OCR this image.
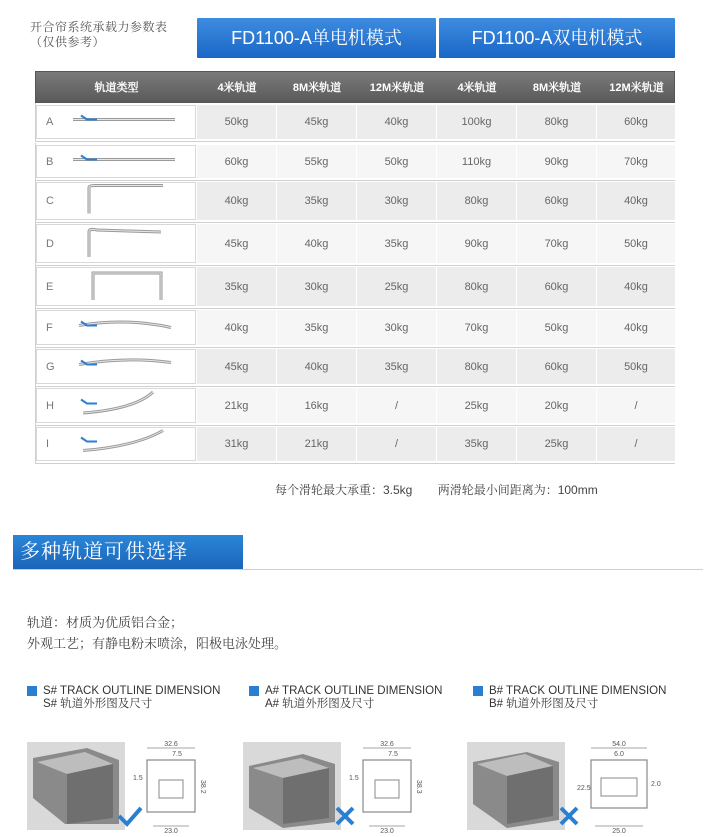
开合帘系统承载力参数表
（仅供参考）	FD1100-A单电机模式	FD1100-A双电机模式
轨道类型	4米轨道	8M米轨道	12M米轨道	4米轨道	8M米轨道	12M米轨道
A	50kg	45kg	40kg	100kg	80kg	60kg
B	60kg	55kg	50kg	110kg	90kg	70kg
C	40kg	35kg	30kg	80kg	60kg	40kg
D	45kg	40kg	35kg	90kg	70kg	50kg
E	35kg	30kg	25kg	80kg	60kg	40kg
F	40kg	35kg	30kg	70kg	50kg	40kg
G	45kg	40kg	35kg	80kg	60kg	50kg
H	21kg	16kg	/	25kg	20kg	/
I	31kg	21kg	/	35kg	25kg	/
每个滑轮最大承重：3.5kg 两滑轮最小间距离为：100mm
多种轨道可供选择
轨道：材质为优质铝合金；
外观工艺；有静电粉末喷涂，阳极电泳处理。
S# TRACK OUTLINE DIMENSION
S# 轨道外形图及尺寸
A# TRACK OUTLINE DIMENSION
A# 轨道外形图及尺寸
B# TRACK OUTLINE DIMENSION
B# 轨道外形图及尺寸
32.6
7.5
1.5
38.2
23.0
32.6
7.5
1.5
38.3
23.0
54.0
6.0
22.5
2.0
25.0
